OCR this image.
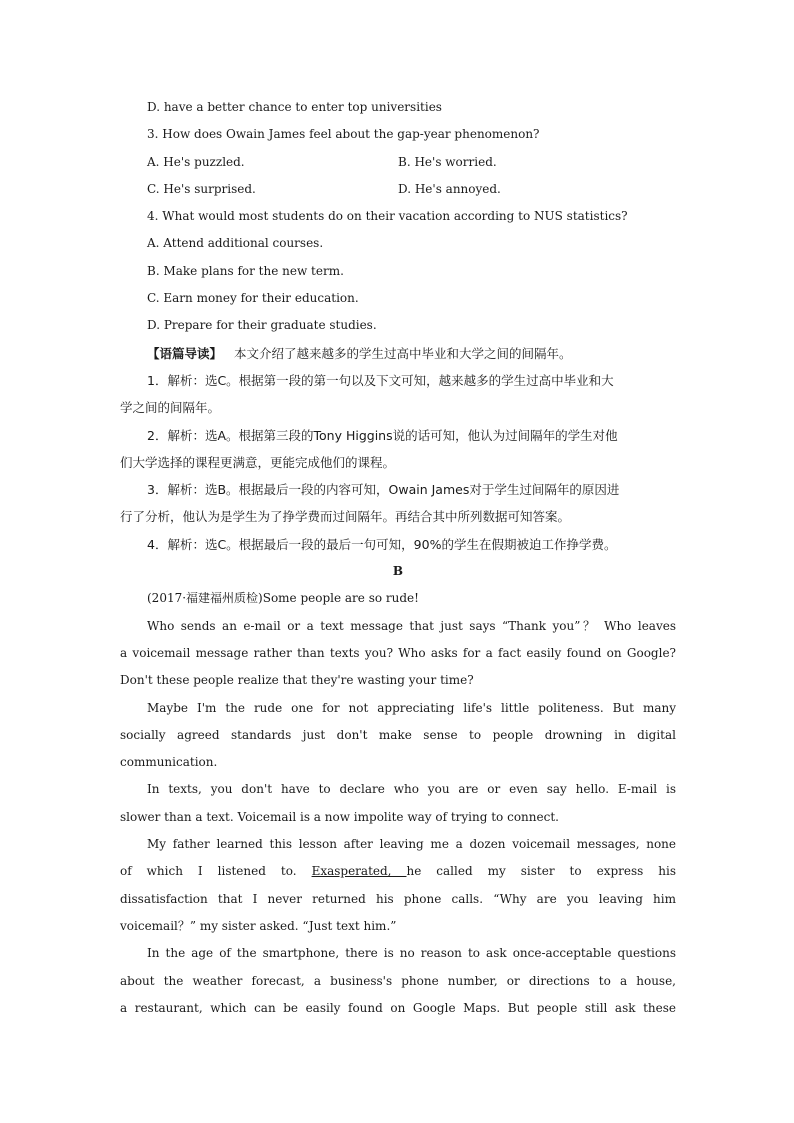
D. have a better chance to enter top universities
3. How does Owain James feel about the gap-year phenomenon?
A. He's puzzled.	B. He's worried.
C. He's surprised.	D. He's annoyed.
4. What would most students do on their vacation according to NUS statistics?
A. Attend additional courses.
B. Make plans for the new term.
C. Earn money for their education.
D. Prepare for their graduate studies.
【语篇导读】 本文介绍了越来越多的学生过高中毕业和大学之间的间隔年。
1．解析：选C。根据第一段的第一句以及下文可知，越来越多的学生过高中毕业和大
学之间的间隔年。
2．解析：选A。根据第三段的Tony Higgins说的话可知，他认为过间隔年的学生对他
们大学选择的课程更满意，更能完成他们的课程。
3．解析：选B。根据最后一段的内容可知，Owain James对于学生过间隔年的原因进
行了分析，他认为是学生为了挣学费而过间隔年。再结合其中所列数据可知答案。
4．解析：选C。根据最后一段的最后一句可知，90%的学生在假期被迫工作挣学费。
B
(2017·福建福州质检)Some people are so rude!
Who sends an e-mail or a text message that just says “Thank you”？ Who leaves
a voicemail message rather than texts you? Who asks for a fact easily found on Google?
Don't these people realize that they're wasting your time?
Maybe I'm the rude one for not appreciating life's little politeness. But many
socially agreed standards just don't make sense to people drowning in digital
communication.
In texts, you don't have to declare who you are or even say hello. E-mail is
slower than a text. Voicemail is a now impolite way of trying to connect.
My father learned this lesson after leaving me a dozen voicemail messages, none
of which I listened to. Exasperated, he called my sister to express his
dissatisfaction that I never returned his phone calls. “Why are you leaving him
voicemail？” my sister asked. “Just text him.”
In the age of the smartphone, there is no reason to ask once-acceptable questions
about the weather forecast, a business's phone number, or directions to a house,
a restaurant, which can be easily found on Google Maps. But people still ask these
